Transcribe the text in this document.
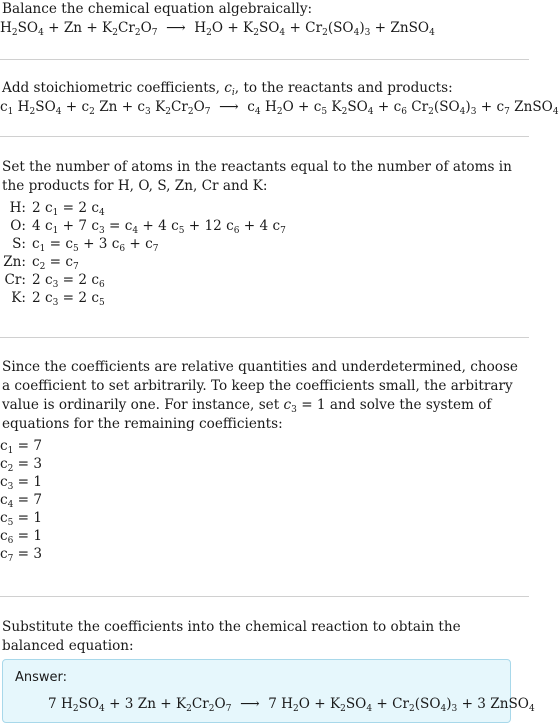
Balance the chemical equation algebraically:
$H_2SO_4 + Zn + K_2Cr_2O_7$  ⟶  $H_2O + K_2SO_4 + Cr_2(SO_4)_3$ + ZnSO$_4$
Add stoichiometric coefficients, $c_i$, to the reactants and products:
$c_1$ $H_2SO_4 + c_2$ $Zn + c_3$ $K_2Cr_2O_7$  ⟶  $c_4$ $H_2O + c_5$ $K_2SO_4 + c_6$ $Cr_2(SO_4)_3 + c_7$ ZnSO$_4$
Set the number of atoms in the reactants equal to the number of atoms in the products for H, O, S, Zn, Cr and K:
H: 2 $c_1 = 2$ $c_4$
O: 4 $c_1 + 7$ $c_3 = c_4 + 4$ $c_5 + 12$ $c_6 + 4$ $c_7$
S: $c_1 = c_5 + 3$ $c_6 + c_7$
Zn: $c_2 = c_7$
Cr: 2 $c_3 = 2$ $c_6$
K: 2 $c_3 = 2$ $c_5$
Since the coefficients are relative quantities and underdetermined, choose a coefficient to set arbitrarily. To keep the coefficients small, the arbitrary value is ordinarily one. For instance, set $c_3 = 1$ and solve the system of equations for the remaining coefficients:
$c_1 = 7$
$c_2 = 3$
$c_3 = 1$
$c_4 = 7$
$c_5 = 1$
$c_6 = 1$
$c_7 = 3$
Substitute the coefficients into the chemical reaction to obtain the balanced equation:
Answer:
7 $H_2SO_4 + 3$ $Zn + K_2Cr_2O_7$  ⟶  7 $H_2O + K_2SO_4 + Cr_2(SO_4)_3 + 3$ ZnSO$_4$
